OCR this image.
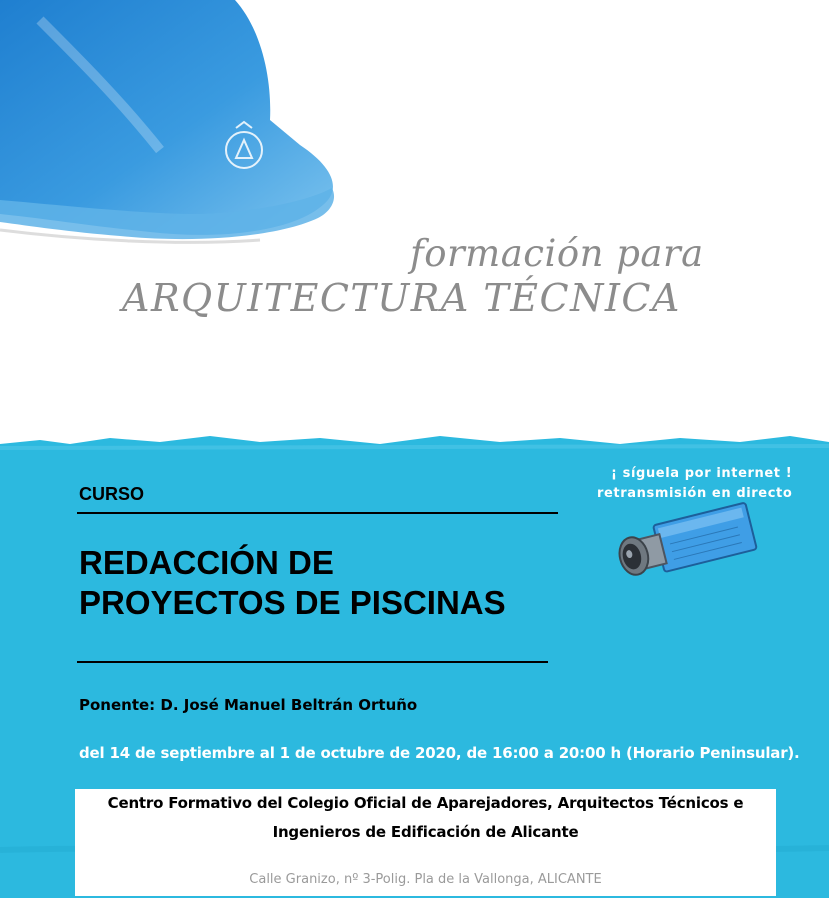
formación para
ARQUITECTURA TÉCNICA
CURSO
REDACCIÓN DE
PROYECTOS DE PISCINAS
Ponente: D. José Manuel Beltrán Ortuño
del 14 de septiembre al 1 de octubre de 2020, de 16:00 a 20:00 h (Horario Peninsular).
¡ síguela por internet !
retransmisión en directo
Centro Formativo del Colegio Oficial de Aparejadores, Arquitectos Técnicos e
Ingenieros de Edificación de Alicante
Calle Granizo, nº 3-Polig. Pla de la Vallonga, ALICANTE
